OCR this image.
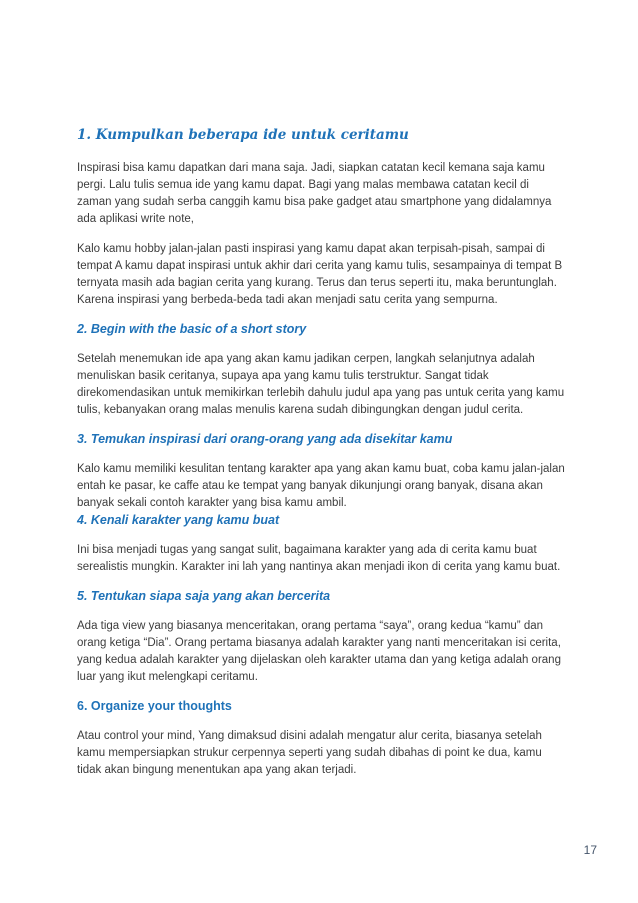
1. Kumpulkan beberapa ide untuk ceritamu

Inspirasi bisa kamu dapatkan dari mana saja. Jadi, siapkan catatan kecil kemana saja kamu pergi. Lalu tulis semua ide yang kamu dapat. Bagi yang malas membawa catatan kecil di zaman yang sudah serba canggih kamu bisa pake gadget atau smartphone yang didalamnya ada aplikasi write note,

Kalo kamu hobby jalan-jalan pasti inspirasi yang kamu dapat akan terpisah-pisah, sampai di tempat A kamu dapat inspirasi untuk akhir dari cerita yang kamu tulis, sesampainya di tempat B ternyata masih ada bagian cerita yang kurang. Terus dan terus seperti itu, maka beruntunglah. Karena inspirasi yang berbeda-beda tadi akan menjadi satu cerita yang sempurna.

2. Begin with the basic of a short story

Setelah menemukan ide apa yang akan kamu jadikan cerpen, langkah selanjutnya adalah menuliskan basik ceritanya, supaya apa yang kamu tulis terstruktur. Sangat tidak direkomendasikan untuk memikirkan terlebih dahulu judul apa yang pas untuk cerita yang kamu tulis, kebanyakan orang malas menulis karena sudah dibingungkan dengan judul cerita.

3. Temukan inspirasi dari orang-orang yang ada disekitar kamu

Kalo kamu memiliki kesulitan tentang karakter apa yang akan kamu buat, coba kamu jalan-jalan entah ke pasar, ke caffe atau ke tempat yang banyak dikunjungi orang banyak, disana akan banyak sekali contoh karakter yang bisa kamu ambil.

4. Kenali karakter yang kamu buat

Ini bisa menjadi tugas yang sangat sulit, bagaimana karakter yang ada di cerita kamu buat serealistis mungkin. Karakter ini lah yang nantinya akan menjadi ikon di cerita yang kamu buat.

5. Tentukan siapa saja yang akan bercerita

Ada tiga view yang biasanya menceritakan, orang pertama “saya”, orang kedua “kamu” dan orang ketiga “Dia”. Orang pertama biasanya adalah karakter yang nanti menceritakan isi cerita, yang kedua adalah karakter yang dijelaskan oleh karakter utama dan yang ketiga adalah orang luar yang ikut melengkapi ceritamu.

6. Organize your thoughts

Atau control your mind, Yang dimaksud disini adalah mengatur alur cerita, biasanya setelah kamu mempersiapkan strukur cerpennya seperti yang sudah dibahas di point ke dua, kamu tidak akan bingung menentukan apa yang akan terjadi.

17
